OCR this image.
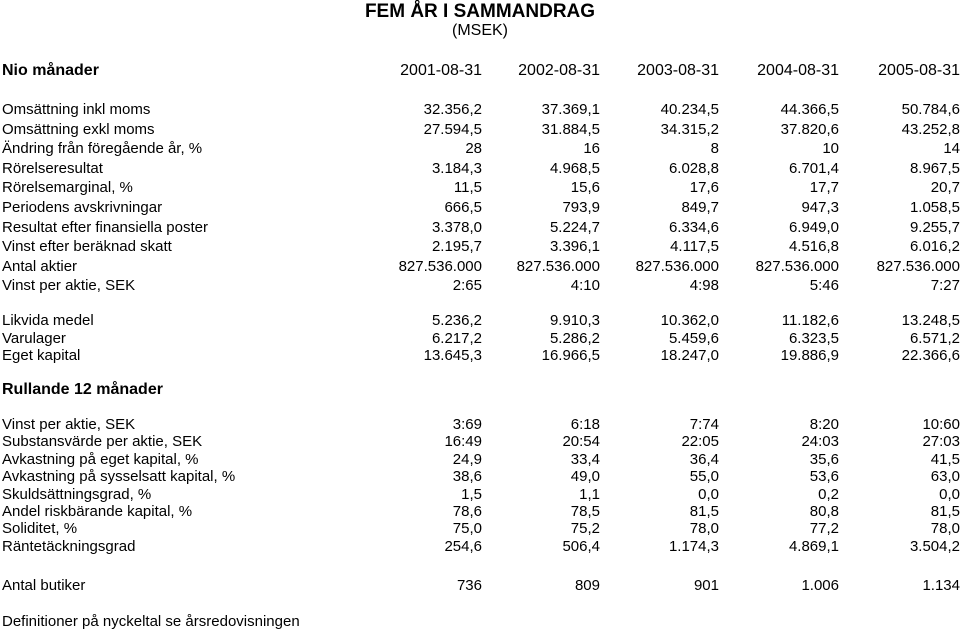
FEM ÅR I SAMMANDRAG
(MSEK)
Nio månader	2001-08-31	2002-08-31	2003-08-31	2004-08-31	2005-08-31
Omsättning inkl moms	32.356,2	37.369,1	40.234,5	44.366,5	50.784,6
Omsättning exkl moms	27.594,5	31.884,5	34.315,2	37.820,6	43.252,8
Ändring från föregående år, %	28	16	8	10	14
Rörelseresultat	3.184,3	4.968,5	6.028,8	6.701,4	8.967,5
Rörelsemarginal, %	11,5	15,6	17,6	17,7	20,7
Periodens avskrivningar	666,5	793,9	849,7	947,3	1.058,5
Resultat efter finansiella poster	3.378,0	5.224,7	6.334,6	6.949,0	9.255,7
Vinst efter beräknad skatt	2.195,7	3.396,1	4.117,5	4.516,8	6.016,2
Antal aktier	827.536.000	827.536.000	827.536.000	827.536.000	827.536.000
Vinst per aktie, SEK	2:65	4:10	4:98	5:46	7:27
Likvida medel	5.236,2	9.910,3	10.362,0	11.182,6	13.248,5
Varulager	6.217,2	5.286,2	5.459,6	6.323,5	6.571,2
Eget kapital	13.645,3	16.966,5	18.247,0	19.886,9	22.366,6
Vinst per aktie, SEK	3:69	6:18	7:74	8:20	10:60
Substansvärde per aktie, SEK	16:49	20:54	22:05	24:03	27:03
Avkastning på eget kapital, %	24,9	33,4	36,4	35,6	41,5
Avkastning på sysselsatt kapital, %	38,6	49,0	55,0	53,6	63,0
Skuldsättningsgrad, %	1,5	1,1	0,0	0,2	0,0
Andel riskbärande kapital, %	78,6	78,5	81,5	80,8	81,5
Soliditet, %	75,0	75,2	78,0	77,2	78,0
Räntetäckningsgrad	254,6	506,4	1.174,3	4.869,1	3.504,2
Antal butiker	736	809	901	1.006	1.134
Rullande 12 månader
Definitioner på nyckeltal se årsredovisningen
